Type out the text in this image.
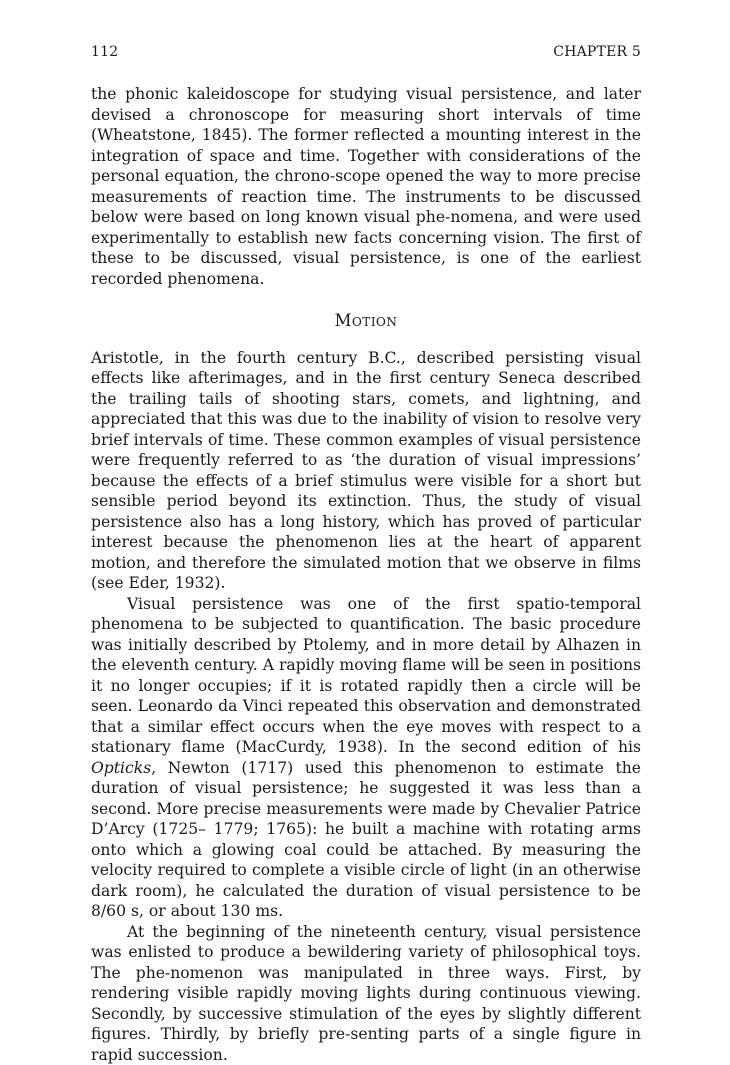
112	CHAPTER 5

the phonic kaleidoscope for studying visual persistence, and later devised a chronoscope for measuring short intervals of time (Wheatstone, 1845). The former reflected a mounting interest in the integration of space and time. Together with considerations of the personal equation, the chrono-scope opened the way to more precise measurements of reaction time. The instruments to be discussed below were based on long known visual phe-nomena, and were used experimentally to establish new facts concerning vision. The first of these to be discussed, visual persistence, is one of the earliest recorded phenomena.

Motion

Aristotle, in the fourth century B.C., described persisting visual effects like afterimages, and in the first century Seneca described the trailing tails of shooting stars, comets, and lightning, and appreciated that this was due to the inability of vision to resolve very brief intervals of time. These common examples of visual persistence were frequently referred to as ‘the duration of visual impressions’ because the effects of a brief stimulus were visible for a short but sensible period beyond its extinction. Thus, the study of visual persistence also has a long history, which has proved of particular interest because the phenomenon lies at the heart of apparent motion, and therefore the simulated motion that we observe in films (see Eder, 1932).

Visual persistence was one of the first spatio-temporal phenomena to be subjected to quantification. The basic procedure was initially described by Ptolemy, and in more detail by Alhazen in the eleventh century. A rapidly moving flame will be seen in positions it no longer occupies; if it is rotated rapidly then a circle will be seen. Leonardo da Vinci repeated this observation and demonstrated that a similar effect occurs when the eye moves with respect to a stationary flame (MacCurdy, 1938). In the second edition of his Opticks, Newton (1717) used this phenomenon to estimate the duration of visual persistence; he suggested it was less than a second. More precise measurements were made by Chevalier Patrice D’Arcy (1725– 1779; 1765): he built a machine with rotating arms onto which a glowing coal could be attached. By measuring the velocity required to complete a visible circle of light (in an otherwise dark room), he calculated the duration of visual persistence to be 8/60 s, or about 130 ms.

At the beginning of the nineteenth century, visual persistence was enlisted to produce a bewildering variety of philosophical toys. The phe-nomenon was manipulated in three ways. First, by rendering visible rapidly moving lights during continuous viewing. Secondly, by successive stimulation of the eyes by slightly different figures. Thirdly, by briefly pre-senting parts of a single figure in rapid succession.
